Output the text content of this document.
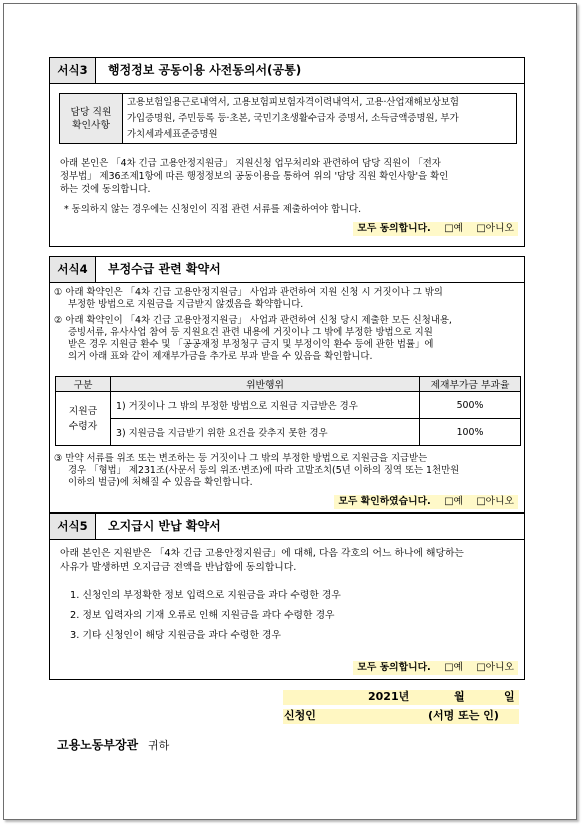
서식3	행정정보 공동이용 사전동의서(공통)
담당 직원
확인사항

고용보험일용근로내역서, 고용보험피보험자격이력내역서, 고용·산업재해보상보험
가입증명원, 주민등록 등·초본, 국민기초생활수급자 증명서, 소득금액증명원, 부가
가치세과세표준증명원
아래 본인은 「4차 긴급 고용안정지원금」 지원신청 업무처리와 관련하여 담당 직원이 「전자
정부법」 제36조제1항에 따른 행정정보의 공동이용을 통하여 위의 '담당 직원 확인사항'을 확인
하는 것에 동의합니다.
* 동의하지 않는 경우에는 신청인이 직접 관련 서류를 제출하여야 합니다.
모두 동의합니다. □예 □아니오
서식4	부정수급 관련 확약서
① 아래 확약인은 「4차 긴급 고용안정지원금」 사업과 관련하여 지원 신청 시 거짓이나 그 밖의
부정한 방법으로 지원금을 지급받지 않겠음을 확약합니다.
② 아래 확약인이 「4차 긴급 고용안정지원금」 사업과 관련하여 신청 당시 제출한 모든 신청내용,
증빙서류, 유사사업 참여 등 지원요건 관련 내용에 거짓이나 그 밖에 부정한 방법으로 지원
받은 경우 지원금 환수 및 「공공재정 부정청구 금지 및 부정이익 환수 등에 관한 법률」에
의거 아래 표와 같이 제재부가금을 추가로 부과 받을 수 있음을 확인합니다.
구분	위반행위	제재부가금 부과율

지원금
수령자	1) 거짓이나 그 밖의 부정한 방법으로 지원금 지급받은 경우	500%
	3) 지원금을 지급받기 위한 요건을 갖추지 못한 경우	100%
③ 만약 서류를 위조 또는 변조하는 등 거짓이나 그 밖의 부정한 방법으로 지원금을 지급받는
경우 「형법」 제231조(사문서 등의 위조·변조)에 따라 고발조치(5년 이하의 징역 또는 1천만원
이하의 벌금)에 처해질 수 있음을 확인합니다.
모두 확인하였습니다. □예 □아니오
서식5	오지급시 반납 확약서
아래 본인은 지원받은 「4차 긴급 고용안정지원금」에 대해, 다음 각호의 어느 하나에 해당하는
사유가 발생하면 오지급금 전액을 반납함에 동의합니다.
1. 신청인의 부정확한 정보 입력으로 지원금을 과다 수령한 경우
2. 정보 입력자의 기재 오류로 인해 지원금을 과다 수령한 경우
3. 기타 신청인이 해당 지원금을 과다 수령한 경우
모두 동의합니다. □예 □아니오
2021년	월	일
신청인	(서명 또는 인)
고용노동부장관 귀하
